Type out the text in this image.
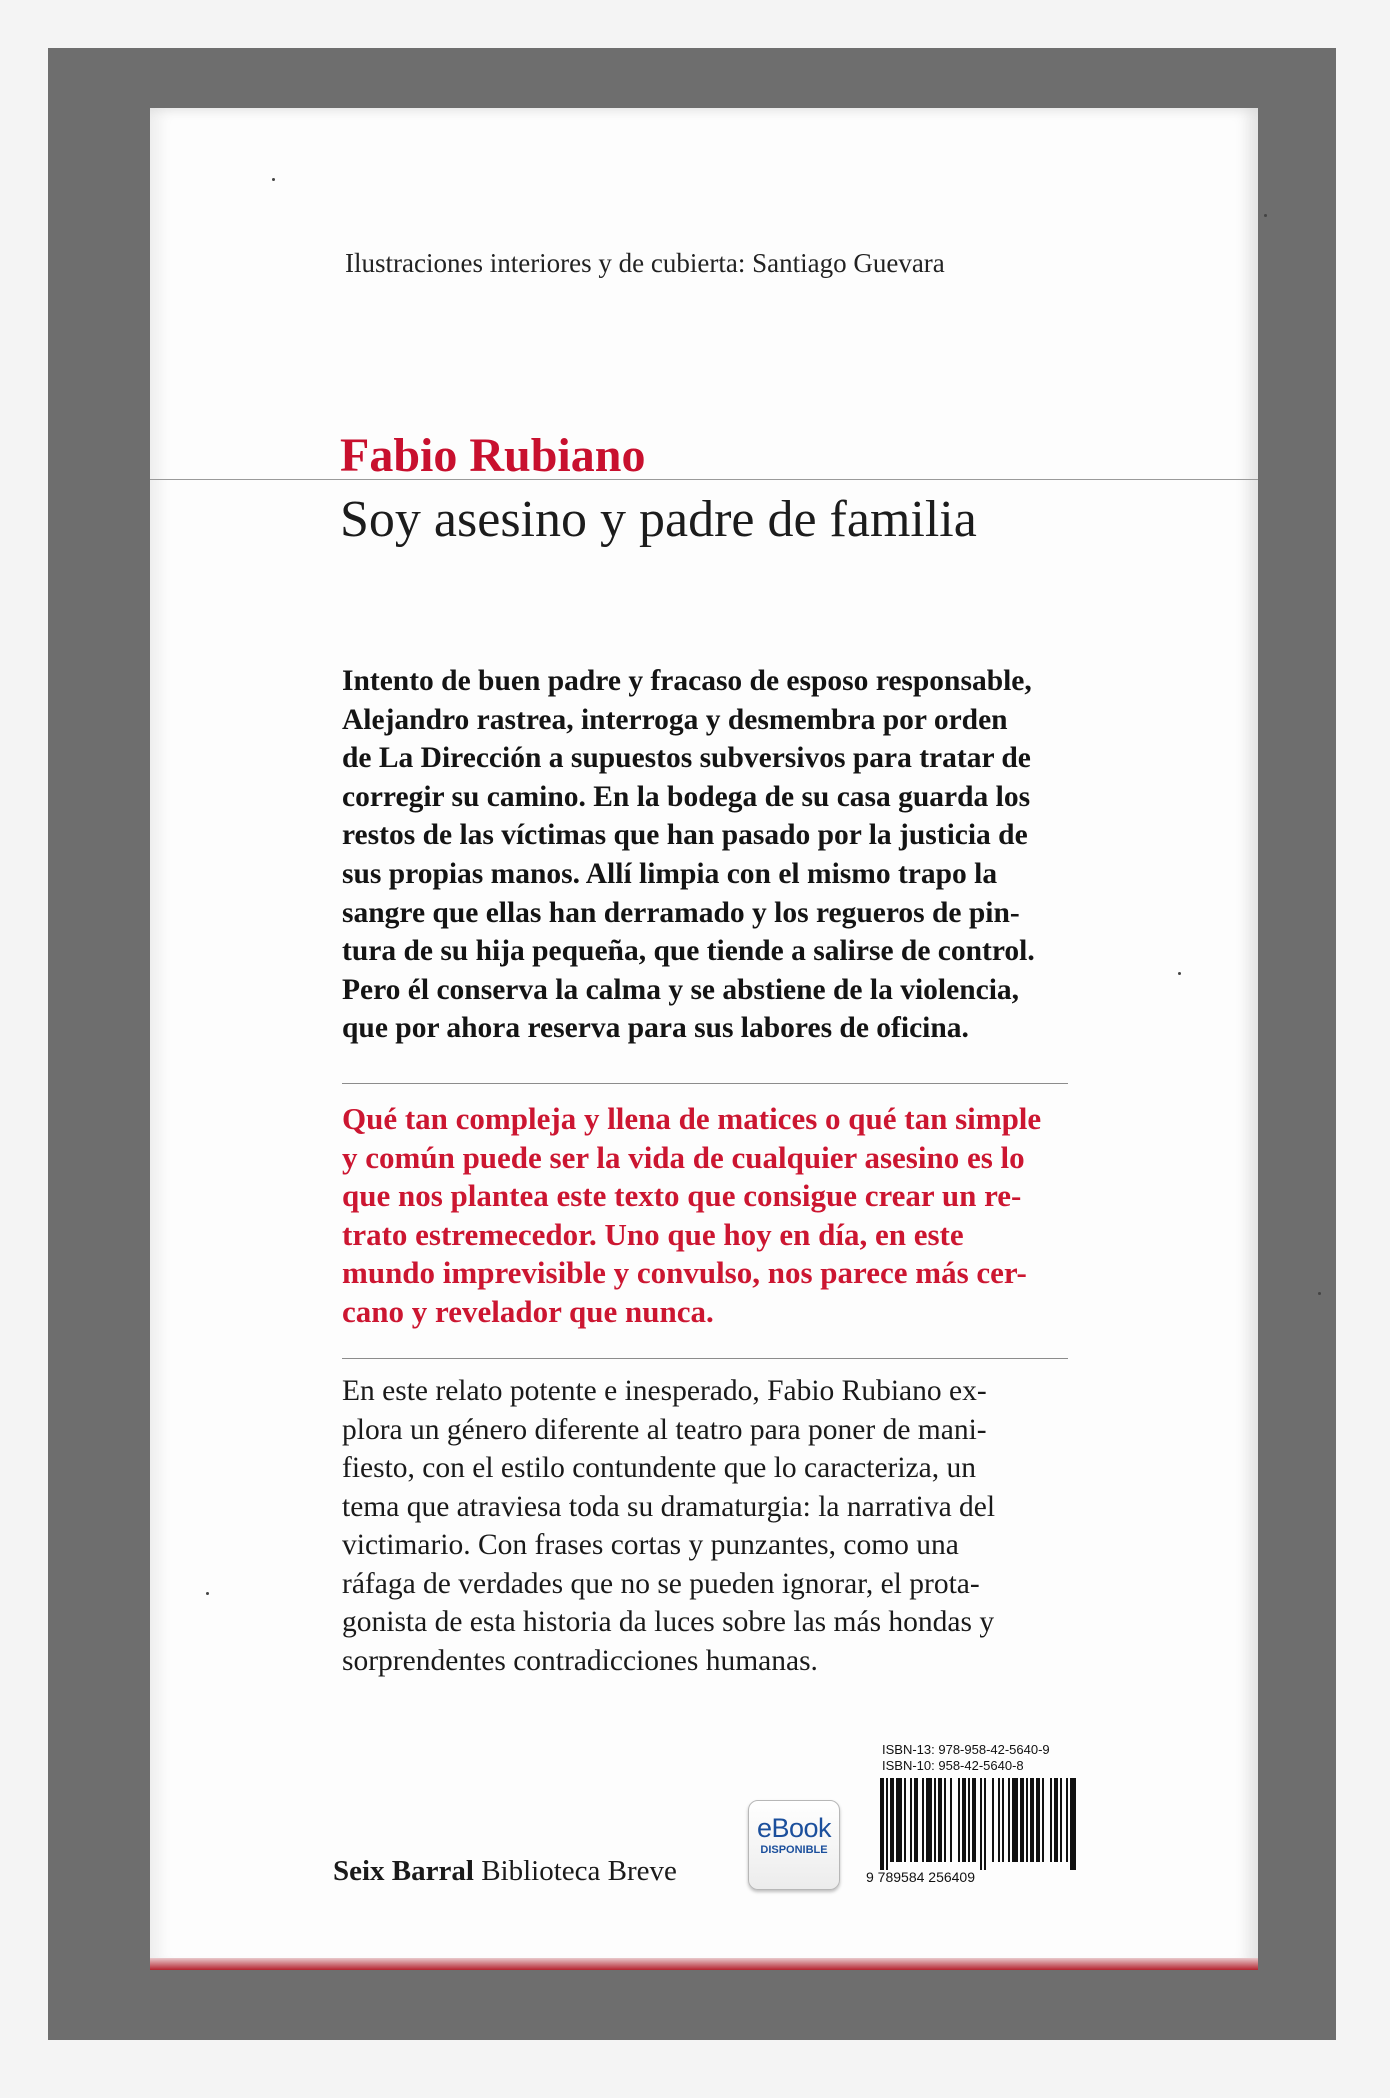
Ilustraciones interiores y de cubierta: Santiago Guevara
Fabio Rubiano
Soy asesino y padre de familia

Intento de buen padre y fracaso de esposo responsable,
Alejandro rastrea, interroga y desmembra por orden
de La Dirección a supuestos subversivos para tratar de
corregir su camino. En la bodega de su casa guarda los
restos de las víctimas que han pasado por la justicia de
sus propias manos. Allí limpia con el mismo trapo la
sangre que ellas han derramado y los regueros de pin-
tura de su hija pequeña, que tiende a salirse de control.
Pero él conserva la calma y se abstiene de la violencia,
que por ahora reserva para sus labores de oficina.

Qué tan compleja y llena de matices o qué tan simple
y común puede ser la vida de cualquier asesino es lo
que nos plantea este texto que consigue crear un re-
trato estremecedor. Uno que hoy en día, en este
mundo imprevisible y convulso, nos parece más cer-
cano y revelador que nunca.

En este relato potente e inesperado, Fabio Rubiano ex-
plora un género diferente al teatro para poner de mani-
fiesto, con el estilo contundente que lo caracteriza, un
tema que atraviesa toda su dramaturgia: la narrativa del
victimario. Con frases cortas y punzantes, como una
ráfaga de verdades que no se pueden ignorar, el prota-
gonista de esta historia da luces sobre las más hondas y
sorprendentes contradicciones humanas.

ISBN-13: 978-958-42-5640-9
ISBN-10: 958-42-5640-8
9 789584 256409
eBook
DISPONIBLE
Seix Barral Biblioteca Breve
